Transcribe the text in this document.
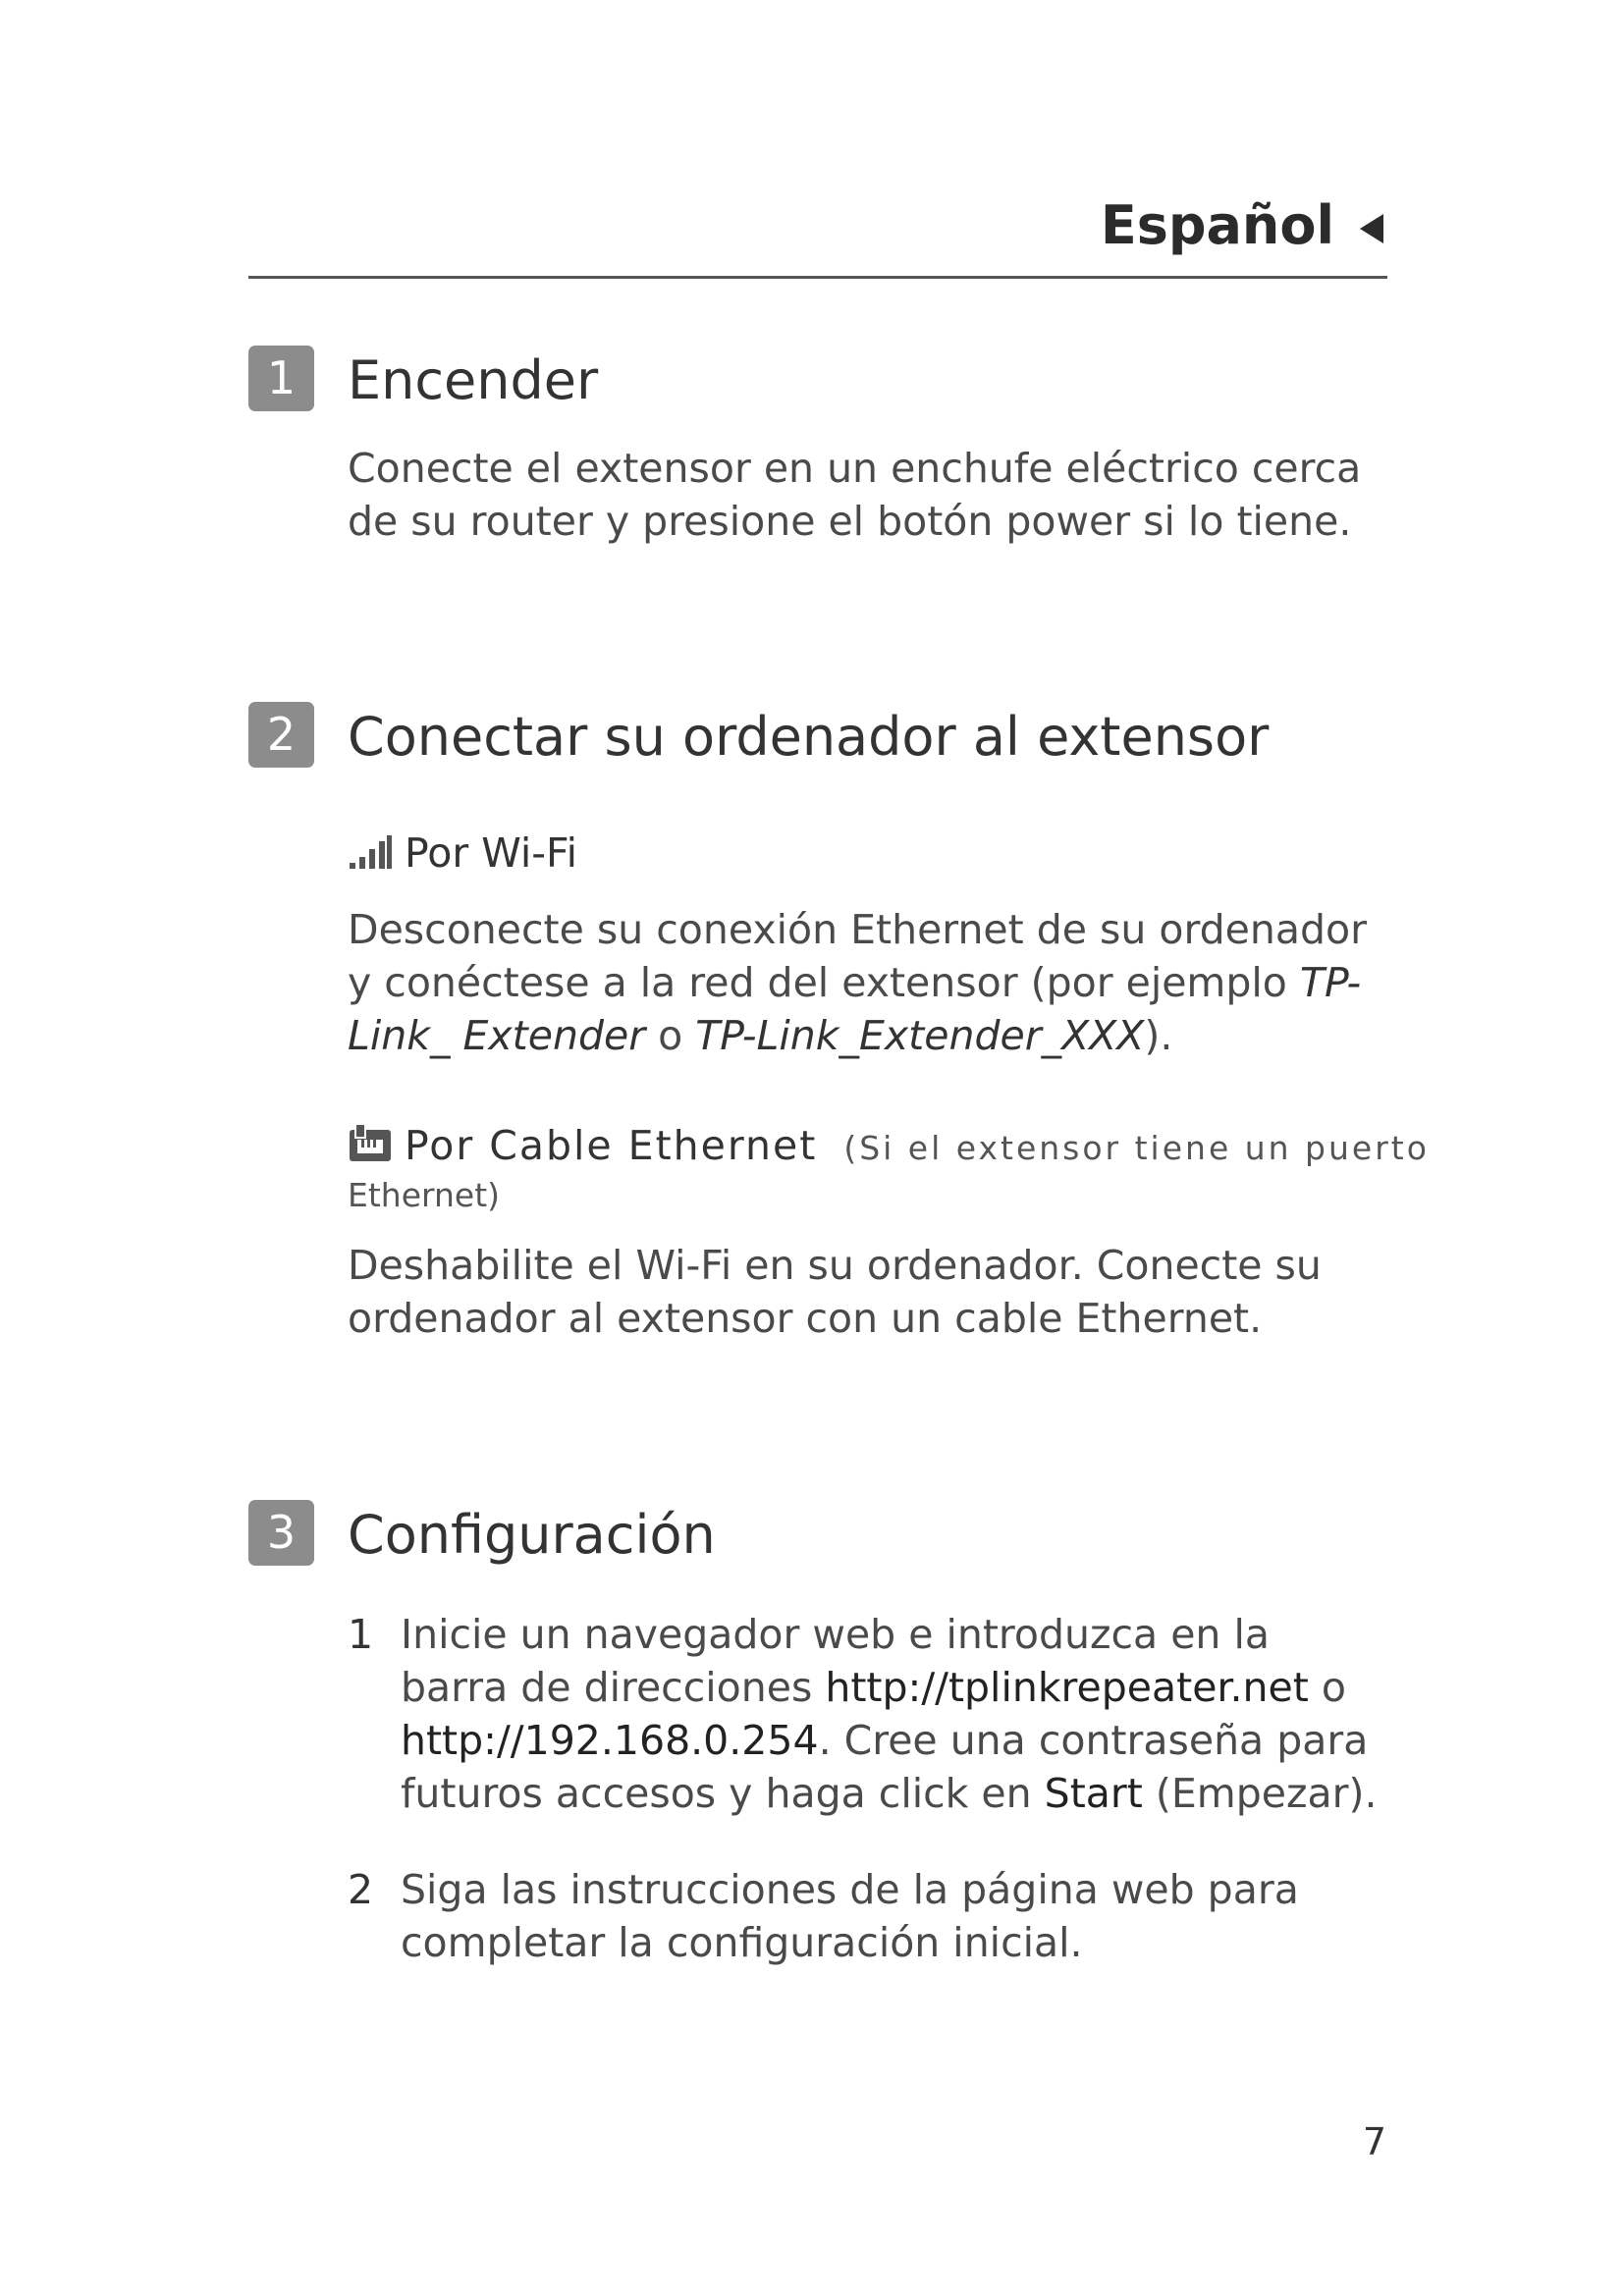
Español
1 Encender

Conecte el extensor en un enchufe eléctrico cerca de su router y presione el botón power si lo tiene.

2 Conectar su ordenador al extensor
Por Wi-Fi

Desconecte su conexión Ethernet de su ordenador y conéctese a la red del extensor (por ejemplo TP-Link_ Extender o TP-Link_Extender_XXX).

Por Cable Ethernet (Si el extensor tiene un puerto
Ethernet)

Deshabilite el Wi-Fi en su ordenador. Conecte su ordenador al extensor con un cable Ethernet.

3 Configuración
1 Inicie un navegador web e introduzca en la barra de direcciones http://tplinkrepeater.net o http://192.168.0.254. Cree una contraseña para futuros accesos y haga click en Start (Empezar).
2 Siga las instrucciones de la página web para completar la configuración inicial.
7
